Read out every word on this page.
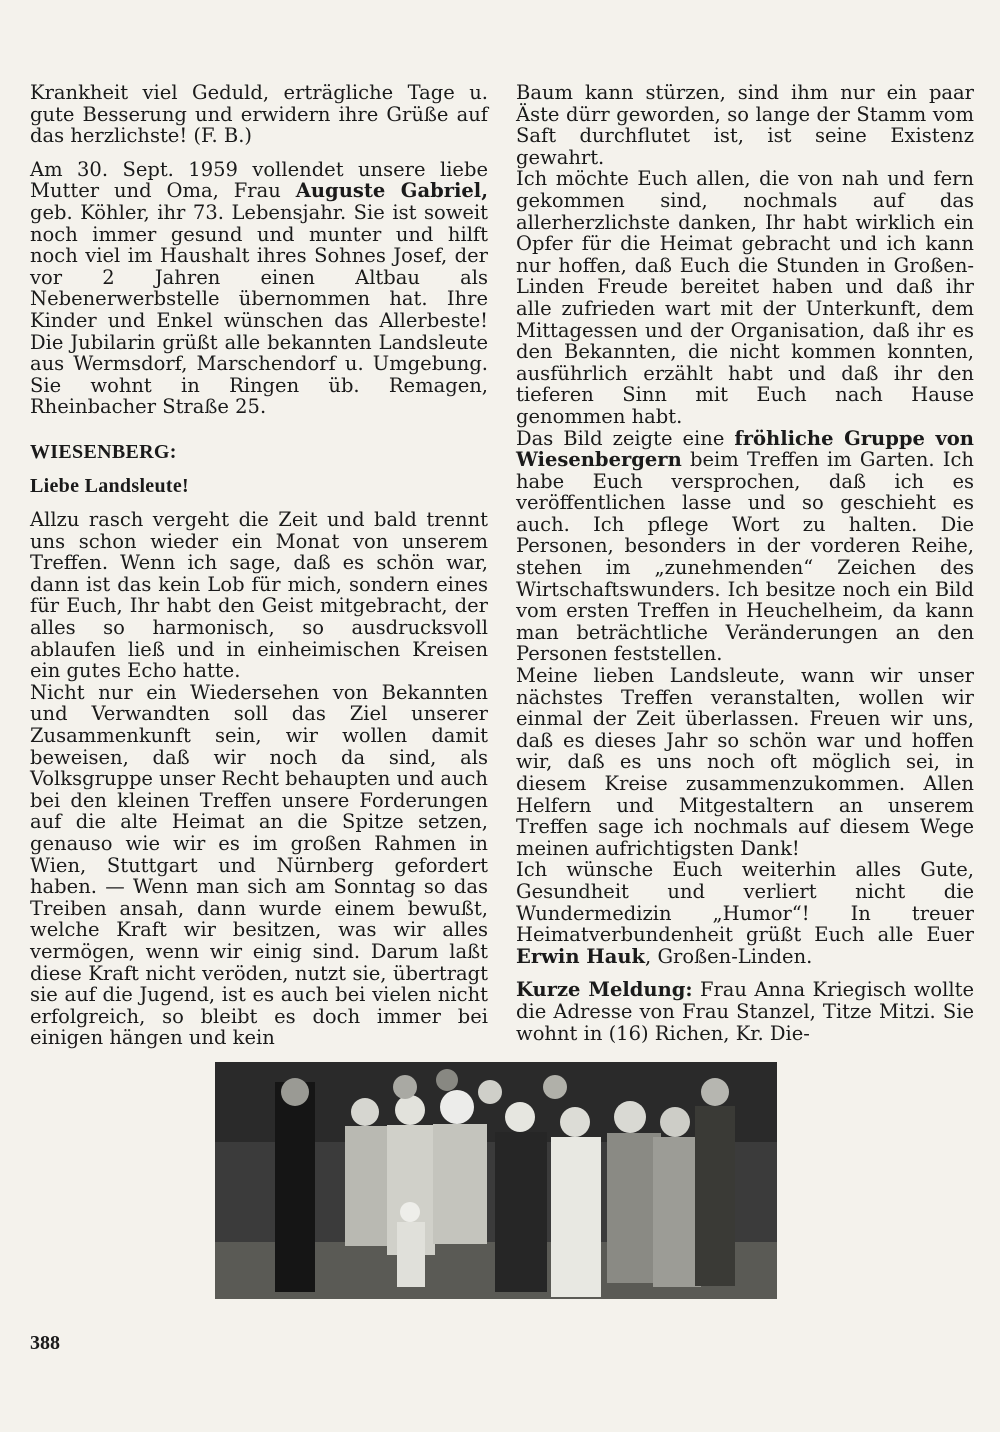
Krankheit viel Geduld, erträgliche Tage u. gute Besserung und erwidern ihre Grüße auf das herzlichste! (F. B.)

Am 30. Sept. 1959 vollendet unsere liebe Mutter und Oma, Frau Auguste Gabriel, geb. Köhler, ihr 73. Lebensjahr. Sie ist soweit noch immer gesund und munter und hilft noch viel im Haushalt ihres Sohnes Josef, der vor 2 Jahren einen Altbau als Nebenerwerbstelle übernommen hat. Ihre Kinder und Enkel wünschen das Allerbeste! Die Jubilarin grüßt alle bekannten Landsleute aus Wermsdorf, Marschendorf u. Umgebung. Sie wohnt in Ringen üb. Remagen, Rheinbacher Straße 25.

WIESENBERG:

Liebe Landsleute!

Allzu rasch vergeht die Zeit und bald trennt uns schon wieder ein Monat von unserem Treffen. Wenn ich sage, daß es schön war, dann ist das kein Lob für mich, sondern eines für Euch, Ihr habt den Geist mitgebracht, der alles so harmonisch, so ausdrucksvoll ablaufen ließ und in einheimischen Kreisen ein gutes Echo hatte.

Nicht nur ein Wiedersehen von Bekannten und Verwandten soll das Ziel unserer Zusammenkunft sein, wir wollen damit beweisen, daß wir noch da sind, als Volksgruppe unser Recht behaupten und auch bei den kleinen Treffen unsere Forderungen auf die alte Heimat an die Spitze setzen, genauso wie wir es im großen Rahmen in Wien, Stuttgart und Nürnberg gefordert haben. — Wenn man sich am Sonntag so das Treiben ansah, dann wurde einem bewußt, welche Kraft wir besitzen, was wir alles vermögen, wenn wir einig sind. Darum laßt diese Kraft nicht veröden, nutzt sie, übertragt sie auf die Jugend, ist es auch bei vielen nicht erfolgreich, so bleibt es doch immer bei einigen hängen und kein

Baum kann stürzen, sind ihm nur ein paar Äste dürr geworden, so lange der Stamm vom Saft durchflutet ist, ist seine Existenz gewahrt.

Ich möchte Euch allen, die von nah und fern gekommen sind, nochmals auf das allerherzlichste danken, Ihr habt wirklich ein Opfer für die Heimat gebracht und ich kann nur hoffen, daß Euch die Stunden in Großen-Linden Freude bereitet haben und daß ihr alle zufrieden wart mit der Unterkunft, dem Mittagessen und der Organisation, daß ihr es den Bekannten, die nicht kommen konnten, ausführlich erzählt habt und daß ihr den tieferen Sinn mit Euch nach Hause genommen habt.

Das Bild zeigte eine fröhliche Gruppe von Wiesenbergern beim Treffen im Garten. Ich habe Euch versprochen, daß ich es veröffentlichen lasse und so geschieht es auch. Ich pflege Wort zu halten. Die Personen, besonders in der vorderen Reihe, stehen im „zunehmenden“ Zeichen des Wirtschaftswunders. Ich besitze noch ein Bild vom ersten Treffen in Heuchelheim, da kann man beträchtliche Veränderungen an den Personen feststellen.

Meine lieben Landsleute, wann wir unser nächstes Treffen veranstalten, wollen wir einmal der Zeit überlassen. Freuen wir uns, daß es dieses Jahr so schön war und hoffen wir, daß es uns noch oft möglich sei, in diesem Kreise zusammenzukommen. Allen Helfern und Mitgestaltern an unserem Treffen sage ich nochmals auf diesem Wege meinen aufrichtigsten Dank!

Ich wünsche Euch weiterhin alles Gute, Gesundheit und verliert nicht die Wundermedizin „Humor“! In treuer Heimatverbundenheit grüßt Euch alle Euer Erwin Hauk, Großen-Linden.

Kurze Meldung: Frau Anna Kriegisch wollte die Adresse von Frau Stanzel, Titze Mitzi. Sie wohnt in (16) Richen, Kr. Die-

388
